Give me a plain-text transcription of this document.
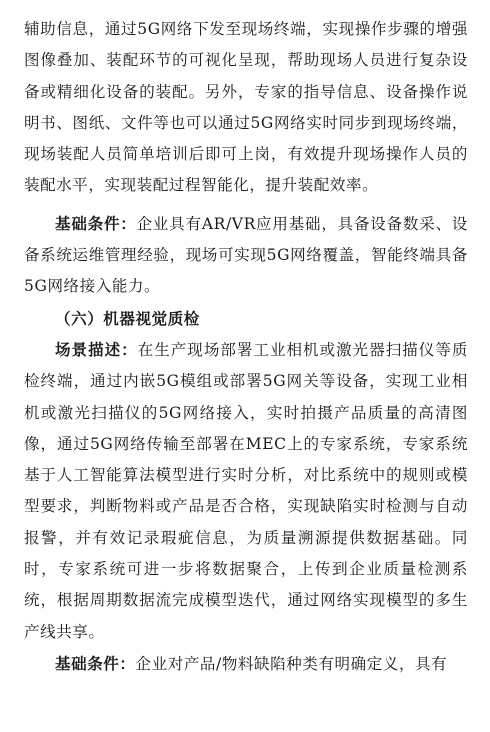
辅助信息，通过5G网络下发至现场终端，实现操作步骤的增强图像叠加、装配环节的可视化呈现，帮助现场人员进行复杂设备或精细化设备的装配。另外，专家的指导信息、设备操作说明书、图纸、文件等也可以通过5G网络实时同步到现场终端，现场装配人员简单培训后即可上岗，有效提升现场操作人员的装配水平，实现装配过程智能化，提升装配效率。

基础条件：企业具有AR/VR应用基础，具备设备数采、设备系统运维管理经验，现场可实现5G网络覆盖，智能终端具备5G网络接入能力。

（六）机器视觉质检

场景描述：在生产现场部署工业相机或激光器扫描仪等质检终端，通过内嵌5G模组或部署5G网关等设备，实现工业相机或激光扫描仪的5G网络接入，实时拍摄产品质量的高清图像，通过5G网络传输至部署在MEC上的专家系统，专家系统基于人工智能算法模型进行实时分析，对比系统中的规则或模型要求，判断物料或产品是否合格，实现缺陷实时检测与自动报警，并有效记录瑕疵信息，为质量溯源提供数据基础。同时，专家系统可进一步将数据聚合，上传到企业质量检测系统，根据周期数据流完成模型迭代，通过网络实现模型的多生产线共享。

基础条件：企业对产品/物料缺陷种类有明确定义，具有
